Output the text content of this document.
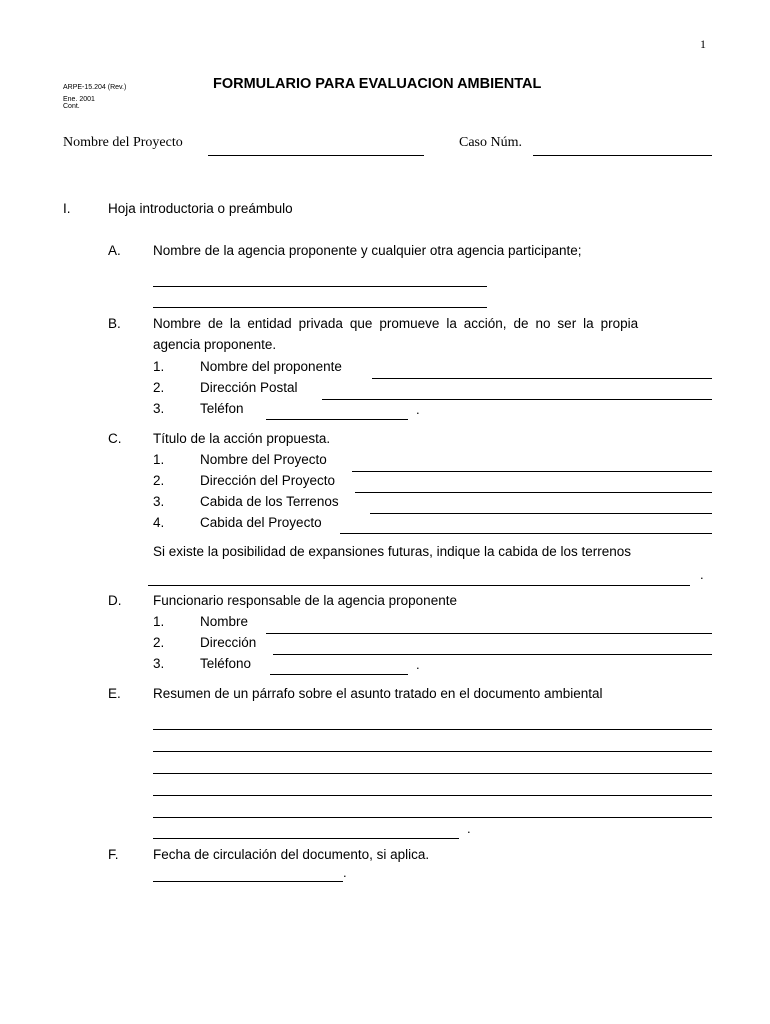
1
ARPE-15.204 (Rev.)
Ene. 2001
Cont.
FORMULARIO PARA EVALUACION AMBIENTAL
Nombre del Proyecto	Caso Núm.
I.	Hoja introductoria o preámbulo
A. Nombre de la agencia proponente y cualquier otra agencia participante;
B. Nombre de la entidad privada que promueve la acción, de no ser la propia
agencia proponente.
1.	Nombre del proponente
2.	Dirección Postal
3.	Teléfon	.
C. Título de la acción propuesta.
1.	Nombre del Proyecto
2.	Dirección del Proyecto
3.	Cabida de los Terrenos
4.	Cabida del Proyecto
Si existe la posibilidad de expansiones futuras, indique la cabida de los terrenos
.
D. Funcionario responsable de la agencia proponente
1.	Nombre
2.	Dirección
3.	Teléfono	.
E. Resumen de un párrafo sobre el asunto tratado en el documento ambiental
.
F.	Fecha de circulación del documento, si aplica.
.
